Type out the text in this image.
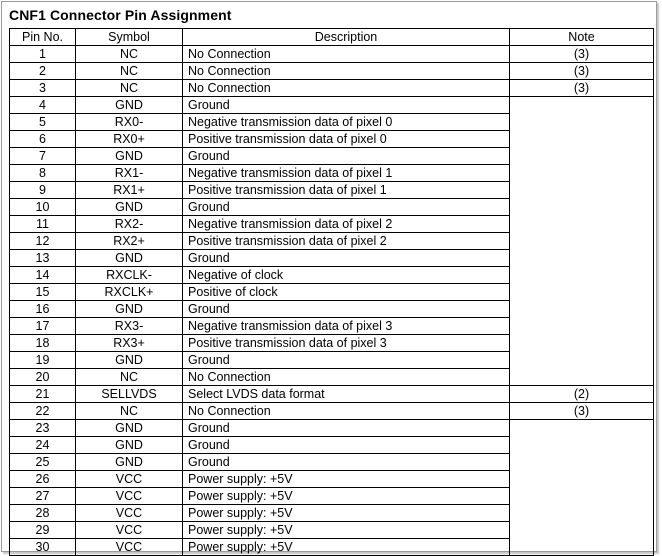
CNF1 Connector Pin Assignment
Pin No.	Symbol	Description	Note
1	NC	No Connection	(3)
2	NC	No Connection	(3)
3	NC	No Connection	(3)
4	GND	Ground	
5	RX0-	Negative transmission data of pixel 0	
6	RX0+	Positive transmission data of pixel 0	
7	GND	Ground	
8	RX1-	Negative transmission data of pixel 1	
9	RX1+	Positive transmission data of pixel 1	
10	GND	Ground	
11	RX2-	Negative transmission data of pixel 2	
12	RX2+	Positive transmission data of pixel 2	
13	GND	Ground	
14	RXCLK-	Negative of clock	
15	RXCLK+	Positive of clock	
16	GND	Ground	
17	RX3-	Negative transmission data of pixel 3	
18	RX3+	Positive transmission data of pixel 3	
19	GND	Ground	
20	NC	No Connection	
21	SELLVDS	Select LVDS data format	(2)
22	NC	No Connection	(3)
23	GND	Ground	
24	GND	Ground	
25	GND	Ground	
26	VCC	Power supply: +5V	
27	VCC	Power supply: +5V	
28	VCC	Power supply: +5V	
29	VCC	Power supply: +5V	
30	VCC	Power supply: +5V	
